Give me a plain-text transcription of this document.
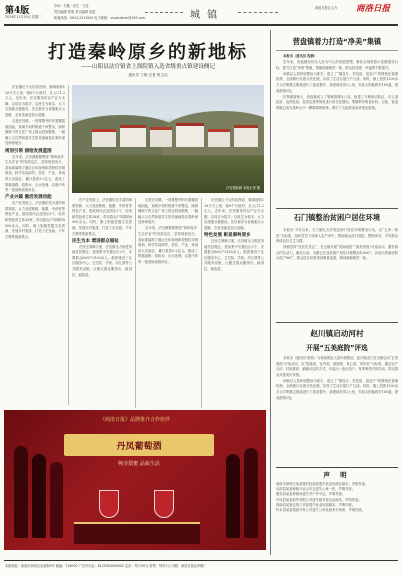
第4版	市场 · 专题 · 民生 · 文化
2019年11月19日 星期二
责任编辑 郑明 美术编辑 高霞
新闻热线：0914-2313520 电子邮箱：sluokuzhen@163.com	城 镇
商洛日报社主办 商洛日报
打造秦岭原乡的新地标
——山阳县法官镇省土溜院镇入选省级重点镇建设侧记
通讯员 王刚 记者 程玉洁

法官镇位于山阳县西部，镇域面积126平方公里，辖8个行政村，总人口1.2万人。近年来，法官镇坚持以产业为支撑，以项目为抓手，以民生为根本，大力实施重点镇建设，先后被评为省级重点示范镇、全省美丽宜居示范镇。

走进法官镇，一排排整齐的安置楼拔地而起，宽阔平坦的街道干净整洁，绿树掩映下的文化广场上群众悠闲锻炼，一幅幅人与自然和谐共生的美丽画卷在秦岭深处徐徐展开。

规划引领 描绘发展蓝图

近年来，法官镇紧紧围绕“秦岭原乡·生态法官”的发展定位，坚持规划先行，高标准编制了镇区总体规划和控制性详细规划，科学布局商贸、居住、产业、休闲四大功能区，累计投资3.2亿元，建成了集镇道路、给排水、污水处理、垃圾中转等一批基础设施项目。

产业兴镇 激活发展动能

在产业发展上，法官镇依托丰富的林果资源，大力发展核桃、板栗、中药材等特色产业，建成现代农业园区3个，培育新型经营主体28家，带动群众户均增收8000余元。同时，镇上积极挖掘生态资源，发展乡村旅游，打造了法官庙、千年古樟等旅游景点。

法官镇新貌 本报记者 摄

在产业发展上，法官镇依托丰富的林果资源，大力发展核桃、板栗、中药材等特色产业，建成现代农业园区3个，培育新型经营主体28家，带动群众户均增收8000余元。同时，镇上积极挖掘生态资源，发展乡村旅游，打造了法官庙、千年古樟等旅游景点。

民生为本 增进群众福祉

在民生保障方面，法官镇全力推进易地扶贫搬迁，建成集中安置社区2个，安置群众860户3100余人。配套建设了社区服务中心、卫生院、学校、幼儿园等公共服务设施，让搬迁群众搬得出、稳得住、能致富。

走进法官镇，一排排整齐的安置楼拔地而起，宽阔平坦的街道干净整洁，绿树掩映下的文化广场上群众悠闲锻炼，一幅幅人与自然和谐共生的美丽画卷在秦岭深处徐徐展开。

近年来，法官镇紧紧围绕“秦岭原乡·生态法官”的发展定位，坚持规划先行，高标准编制了镇区总体规划和控制性详细规划，科学布局商贸、居住、产业、休闲四大功能区，累计投资3.2亿元，建成了集镇道路、给排水、污水处理、垃圾中转等一批基础设施项目。

法官镇位于山阳县西部，镇域面积126平方公里，辖8个行政村，总人口1.2万人。近年来，法官镇坚持以产业为支撑，以项目为抓手，以民生为根本，大力实施重点镇建设，先后被评为省级重点示范镇、全省美丽宜居示范镇。

特色发展 彰显秦岭原乡

在民生保障方面，法官镇全力推进易地扶贫搬迁，建成集中安置社区2个，安置群众860户3100余人。配套建设了社区服务中心、卫生院、学校、幼儿园等公共服务设施，让搬迁群众搬得出、稳得住、能致富。

《商洛日报》品牌推介合作伙伴
丹凤葡萄酒
畅享甜蜜 品味生活
营盘镇着力打造“净美”集镇

本报讯（通讯员 程倩）

近年来，营盘镇坚持以人民为中心的发展思想，紧扣全域旅游示范镇建设目标，着力打造“净美”集镇，集镇面貌焕然一新，群众获得感、幸福感不断提升。

该镇以人居环境整治为抓手，建立了“镇包片、村包组、组包户”的网格化管理机制，全面推行垃圾分类处理，实现了生活垃圾日产日清。同时，镇上投资1200余万元对集镇主街道进行了改造提升，新建绿化带2公里，安装太阳能路灯180盏，建成游园2处。

在集镇管理上，营盘镇成立了集镇管理办公室，组建了专职保洁队伍，对占道经营、乱停乱放、乱搭乱建等现象进行常态化整治，集镇秩序明显好转。目前，营盘集镇已成为秦岭山中一颗璀璨的明珠，吸引了大批游客前来观光旅游。

石门镇整治贫困户居住环境

本报讯 今年以来，石门镇扎实开展贫困户居住环境整治行动，以“五净一规范”为标准，组织党员干部深入农户家中，帮助群众清扫庭院、整理家务，引导群众养成良好卫生习惯。

该镇坚持“扶贫先扶志”，在全镇开展“美丽庭院”“最美家庭”评选活动，激发群众内生动力。截至目前，全镇已完成贫困户居住环境整治1260户，评选出美丽庭院示范户86户，群众居住环境得到明显改善，精神面貌焕然一新。

赵川镇启动河村
开展“五美庭院”评选

本报讯（通讯员 陈茜）为持续推进人居环境整治，赵川镇近日在全镇启动“五美庭院”评选活动，以“院落美、室内美、厨厕美、身心美、家风美”为标准，通过农户自评、村组推荐、镇级评定的方式，评选出一批示范户，发挥典型引领作用，带动群众共建美好家园。

该镇以人居环境整治为抓手，建立了“镇包片、村包组、组包户”的网格化管理机制，全面推行垃圾分类处理，实现了生活垃圾日产日清。同时，镇上投资1200余万元对集镇主街道进行了改造提升，新建绿化带2公里，安装太阳能路灯180盏，建成游园2处。

声 明
商洛市商州区某某建材经营部遗失营业执照正副本，声明作废。
山阳县某某种植专业合作社遗失公章一枚，声明作废。
镇安县某某养殖场遗失开户许可证，声明作废。
丹凤县某某商贸有限公司遗失税务登记证副本，声明作废。
洛南县某某农资门市部遗失营业执照副本，声明作废。
柞水县某某旅游开发公司遗失公章及财务专用章，声明作废。
本报地址：商洛市商州区北新街6号 邮编：726000 广告许可证：6125004000002 定价：每月30元 零售：每份1元 印刷：商洛日报社印刷厂
